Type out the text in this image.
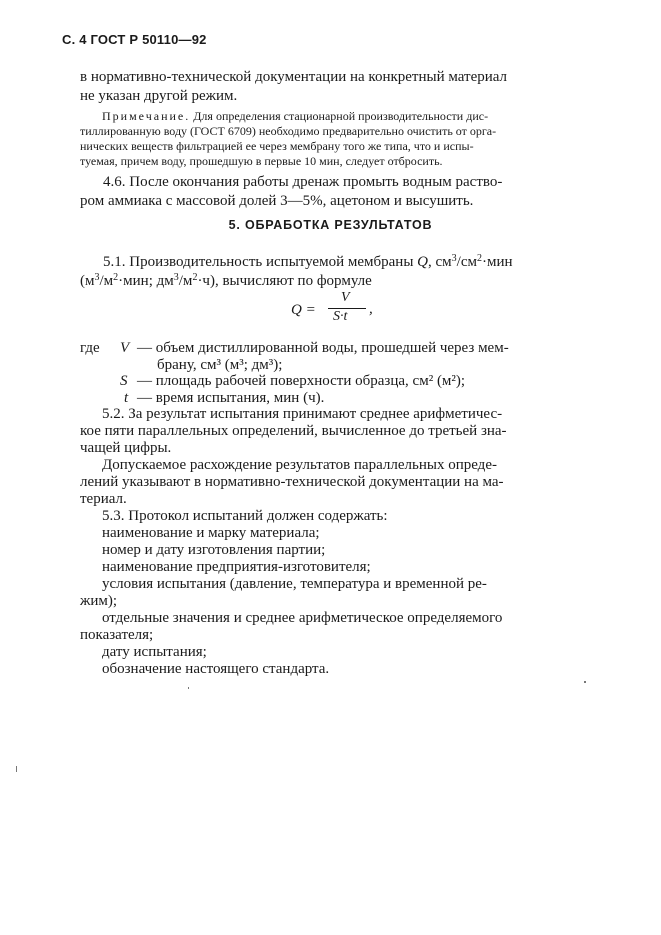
С. 4 ГОСТ Р 50110—92
в нормативно-технической документации на конкретный материал
не указан другой режим.
Примечание. Для определения стационарной производительности дис-
тиллированную воду (ГОСТ 6709) необходимо предварительно очистить от орга-
нических веществ фильтрацией ее через мембрану того же типа, что и испы-
туемая, причем воду, прошедшую в первые 10 мин, следует отбросить.
4.6. После окончания работы дренаж промыть водным раство-
ром аммиака с массовой долей 3—5%, ацетоном и высушить.
5. ОБРАБОТКА РЕЗУЛЬТАТОВ
5.1. Производительность испытуемой мембраны Q, $см^3/см^2\cdot мин$
($м^3/м^2\cdot мин$; $дм^3/м^2\cdot ч$), вычисляют по формуле
Q =
V
S·t ,
где V — объем дистиллированной воды, прошедшей через мем-
брану, см³ (м³; дм³);
S — площадь рабочей поверхности образца, см² (м²);
t — время испытания, мин (ч).
5.2. За результат испытания принимают среднее арифметичес-
кое пяти параллельных определений, вычисленное до третьей зна-
чащей цифры.
Допускаемое расхождение результатов параллельных опреде-
лений указывают в нормативно-технической документации на ма-
териал.
5.3. Протокол испытаний должен содержать:
наименование и марку материала;
номер и дату изготовления партии;
наименование предприятия-изготовителя;
условия испытания (давление, температура и временной ре-
жим);
отдельные значения и среднее арифметическое определяемого
показателя;
дату испытания;
обозначение настоящего стандарта.
